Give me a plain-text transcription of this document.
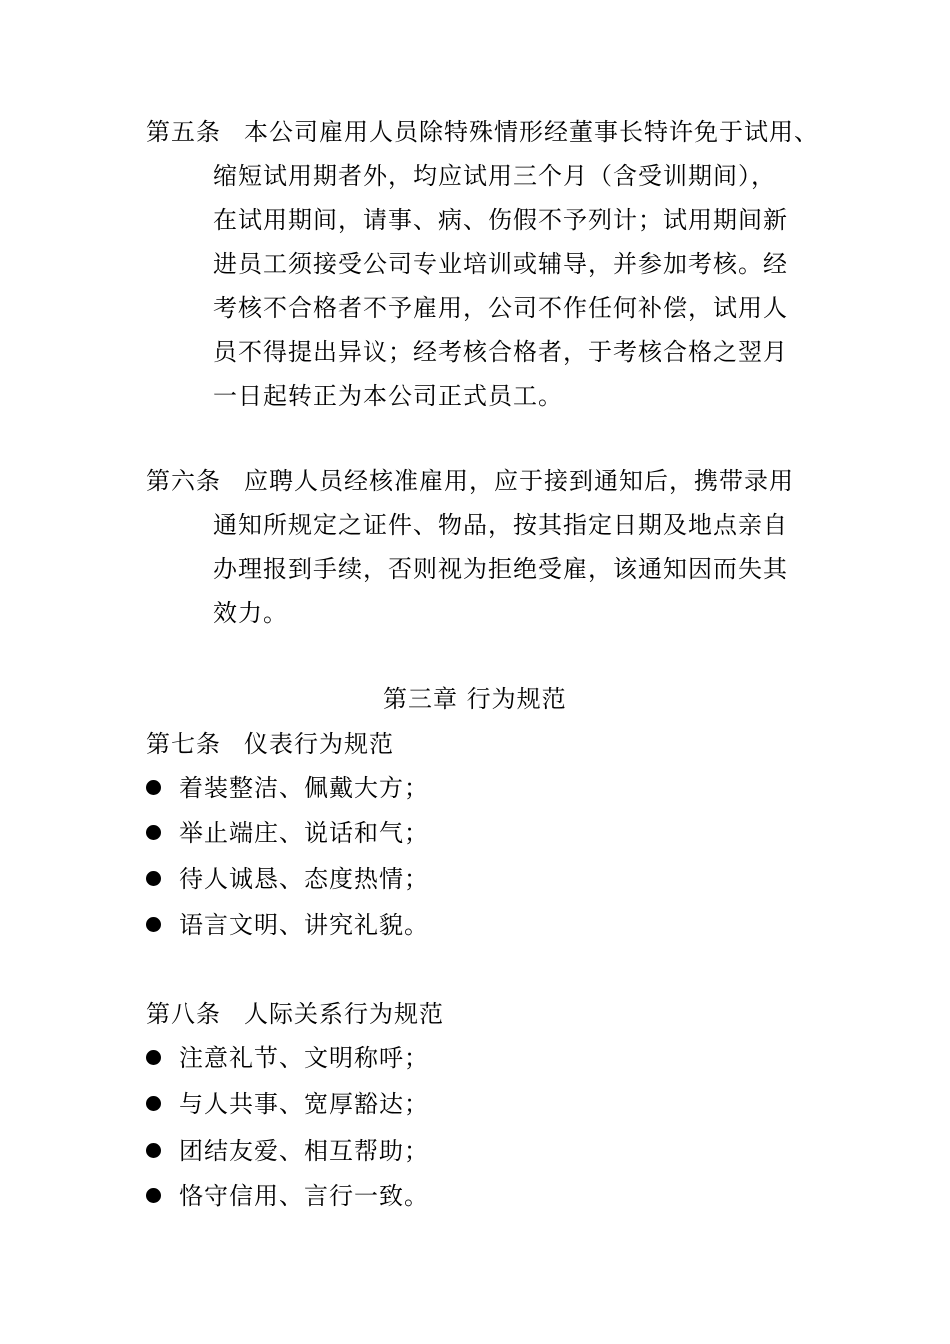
第五条 本公司雇用人员除特殊情形经董事长特许免于试用、
缩短试用期者外，均应试用三个月（含受训期间），
在试用期间，请事、病、伤假不予列计；试用期间新
进员工须接受公司专业培训或辅导，并参加考核。经
考核不合格者不予雇用，公司不作任何补偿，试用人
员不得提出异议；经考核合格者，于考核合格之翌月
一日起转正为本公司正式员工。
第六条 应聘人员经核准雇用，应于接到通知后，携带录用
通知所规定之证件、物品，按其指定日期及地点亲自
办理报到手续，否则视为拒绝受雇，该通知因而失其
效力。
第三章 行为规范
第七条 仪表行为规范
着装整洁、佩戴大方；
举止端庄、说话和气；
待人诚恳、态度热情；
语言文明、讲究礼貌。
第八条 人际关系行为规范
注意礼节、文明称呼；
与人共事、宽厚豁达；
团结友爱、相互帮助；
恪守信用、言行一致。
